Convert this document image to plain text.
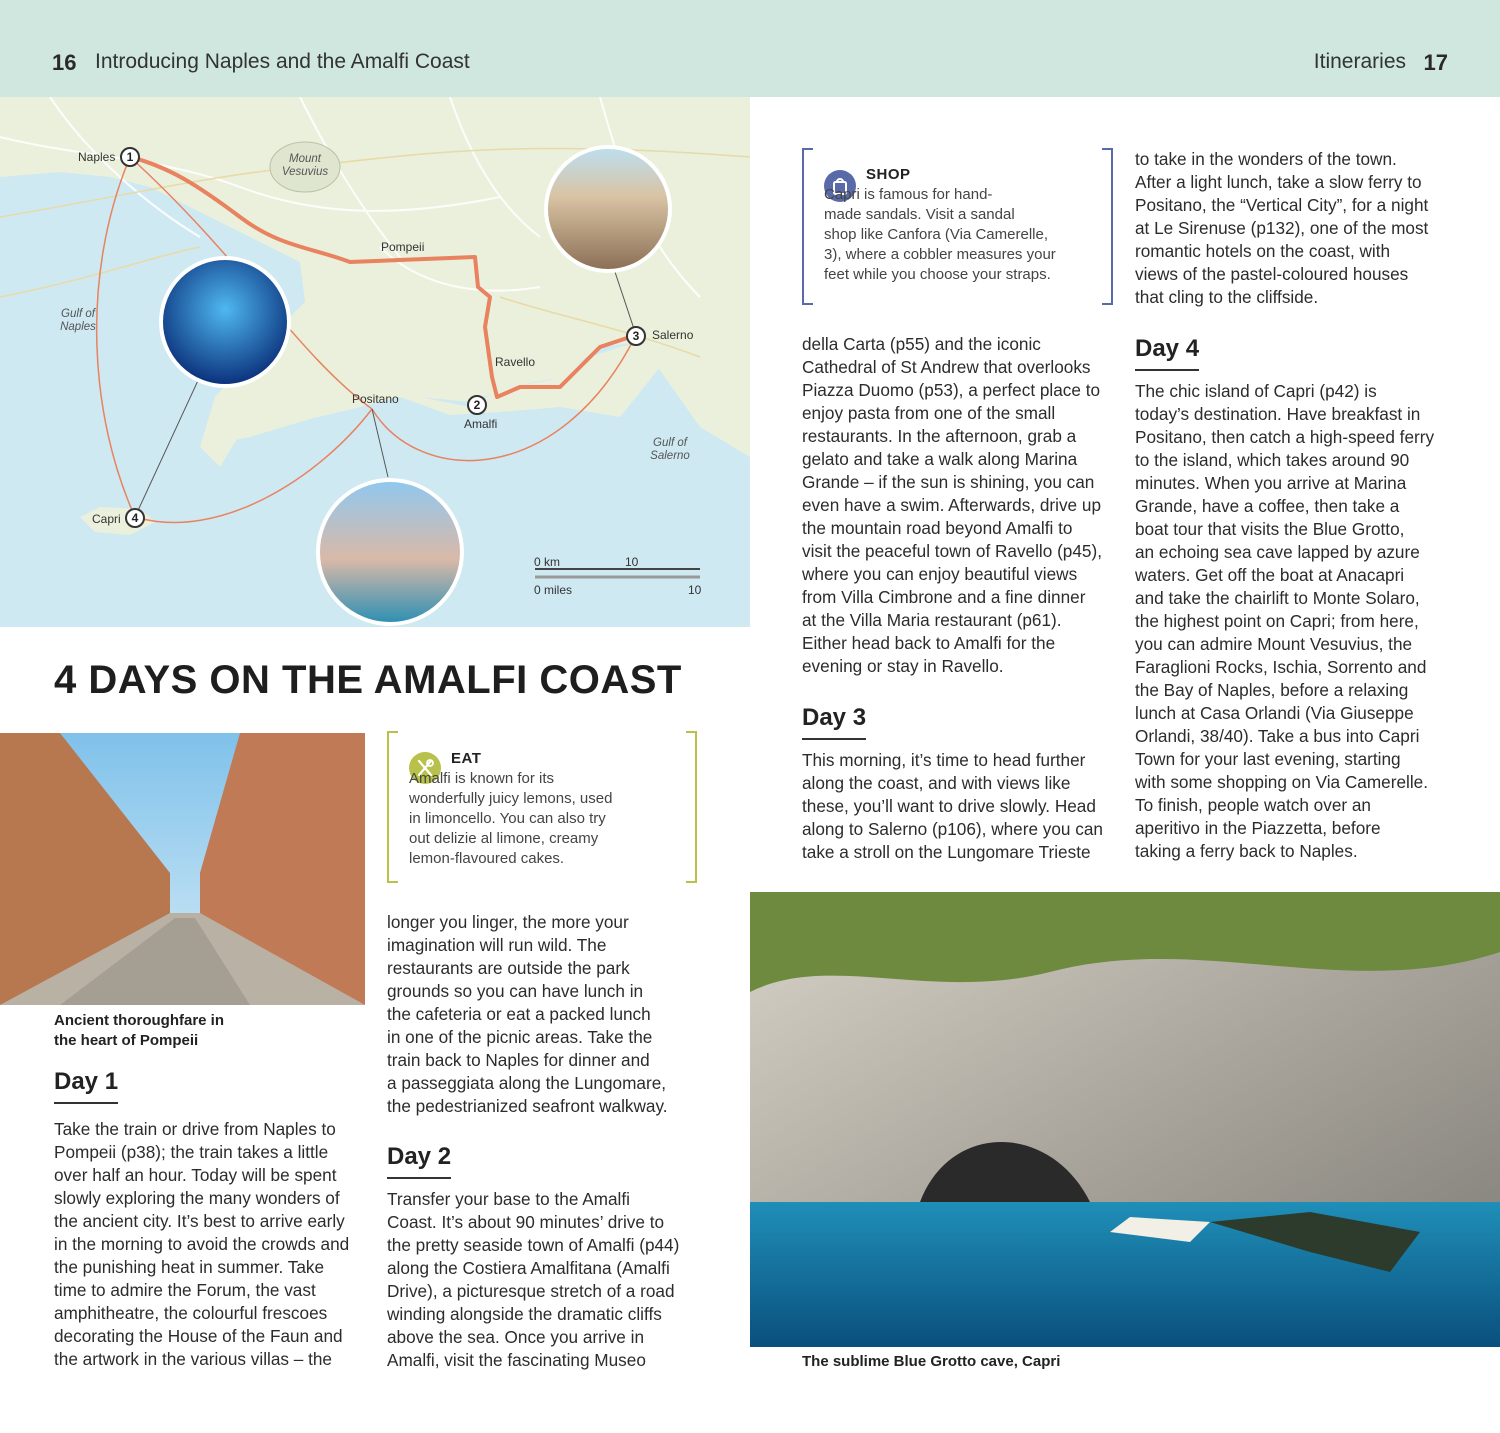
16 Introducing Naples and the Amalfi Coast	Itineraries 17
Naples 1	Mount
Vesuvius
Pompeii
Gulf of
Naples
Ravello
3	Salerno
Positano	2
Amalfi
Gulf of
Salerno
Capri 4
0 km	10
0 miles	10
4 DAYS ON THE AMALFI COAST
Ancient thoroughfare in
the heart of Pompeii
EAT
Amalfi is known for its
wonderfully juicy lemons, used
in limoncello. You can also try
out delizie al limone, creamy
lemon-flavoured cakes.
Day 1
Take the train or drive from Naples to
Pompeii (p38); the train takes a little
over half an hour. Today will be spent
slowly exploring the many wonders of
the ancient city. It’s best to arrive early
in the morning to avoid the crowds and
the punishing heat in summer. Take
time to admire the Forum, the vast
amphitheatre, the colourful frescoes
decorating the House of the Faun and
the artwork in the various villas – the
longer you linger, the more your
imagination will run wild. The
restaurants are outside the park
grounds so you can have lunch in
the cafeteria or eat a packed lunch
in one of the picnic areas. Take the
train back to Naples for dinner and
a passeggiata along the Lungomare,
the pedestrianized seafront walkway.
Day 2
Transfer your base to the Amalfi
Coast. It’s about 90 minutes’ drive to
the pretty seaside town of Amalfi (p44)
along the Costiera Amalfitana (Amalfi
Drive), a picturesque stretch of a road
winding alongside the dramatic cliffs
above the sea. Once you arrive in
Amalfi, visit the fascinating Museo
SHOP
Capri is famous for hand-
made sandals. Visit a sandal
shop like Canfora (Via Camerelle,
3), where a cobbler measures your
feet while you choose your straps.
della Carta (p55) and the iconic
Cathedral of St Andrew that overlooks
Piazza Duomo (p53), a perfect place to
enjoy pasta from one of the small
restaurants. In the afternoon, grab a
gelato and take a walk along Marina
Grande – if the sun is shining, you can
even have a swim. Afterwards, drive up
the mountain road beyond Amalfi to
visit the peaceful town of Ravello (p45),
where you can enjoy beautiful views
from Villa Cimbrone and a fine dinner
at the Villa Maria restaurant (p61).
Either head back to Amalfi for the
evening or stay in Ravello.
Day 3
This morning, it’s time to head further
along the coast, and with views like
these, you’ll want to drive slowly. Head
along to Salerno (p106), where you can
take a stroll on the Lungomare Trieste
to take in the wonders of the town.
After a light lunch, take a slow ferry to
Positano, the “Vertical City”, for a night
at Le Sirenuse (p132), one of the most
romantic hotels on the coast, with
views of the pastel-coloured houses
that cling to the cliffside.
Day 4
The chic island of Capri (p42) is
today’s destination. Have breakfast in
Positano, then catch a high-speed ferry
to the island, which takes around 90
minutes. When you arrive at Marina
Grande, have a coffee, then take a
boat tour that visits the Blue Grotto,
an echoing sea cave lapped by azure
waters. Get off the boat at Anacapri
and take the chairlift to Monte Solaro,
the highest point on Capri; from here,
you can admire Mount Vesuvius, the
Faraglioni Rocks, Ischia, Sorrento and
the Bay of Naples, before a relaxing
lunch at Casa Orlandi (Via Giuseppe
Orlandi, 38/40). Take a bus into Capri
Town for your last evening, starting
with some shopping on Via Camerelle.
To finish, people watch over an
aperitivo in the Piazzetta, before
taking a ferry back to Naples.
The sublime Blue Grotto cave, Capri
